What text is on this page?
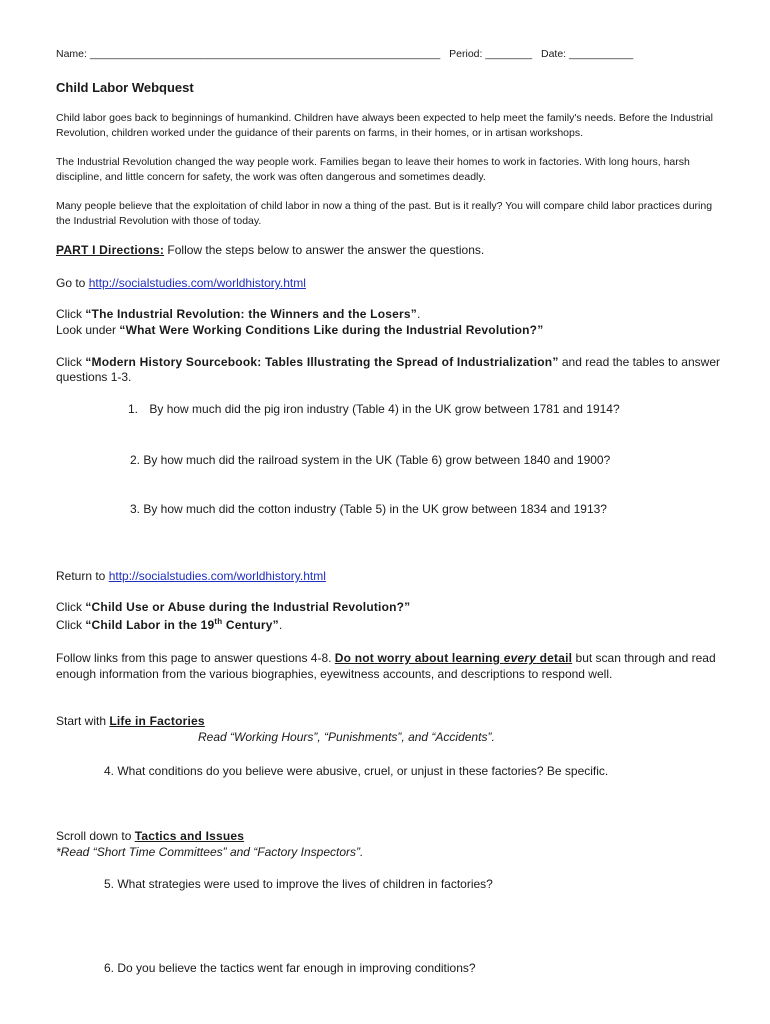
Name: ____________________________________________________________ Period: ________ Date: ___________
Child Labor Webquest
Child labor goes back to beginnings of humankind. Children have always been expected to help meet the family's needs. Before the Industrial Revolution, children worked under the guidance of their parents on farms, in their homes, or in artisan workshops.
The Industrial Revolution changed the way people work. Families began to leave their homes to work in factories. With long hours, harsh discipline, and little concern for safety, the work was often dangerous and sometimes deadly.
Many people believe that the exploitation of child labor in now a thing of the past. But is it really? You will compare child labor practices during the Industrial Revolution with those of today.
PART I Directions: Follow the steps below to answer the answer the questions.
Go to http://socialstudies.com/worldhistory.html
Click “The Industrial Revolution: the Winners and the Losers”.
Look under “What Were Working Conditions Like during the Industrial Revolution?”
Click “Modern History Sourcebook: Tables Illustrating the Spread of Industrialization” and read the tables to answer questions 1-3.
1. By how much did the pig iron industry (Table 4) in the UK grow between 1781 and 1914?
2. By how much did the railroad system in the UK (Table 6) grow between 1840 and 1900?
3. By how much did the cotton industry (Table 5) in the UK grow between 1834 and 1913?
Return to http://socialstudies.com/worldhistory.html
Click “Child Use or Abuse during the Industrial Revolution?”
Click “Child Labor in the 19th Century”.
Follow links from this page to answer questions 4-8. Do not worry about learning every detail but scan through and read enough information from the various biographies, eyewitness accounts, and descriptions to respond well.
Start with Life in Factories
Read “Working Hours”, “Punishments”, and “Accidents”.
4. What conditions do you believe were abusive, cruel, or unjust in these factories? Be specific.
Scroll down to Tactics and Issues
*Read “Short Time Committees” and “Factory Inspectors”.
5. What strategies were used to improve the lives of children in factories?
6. Do you believe the tactics went far enough in improving conditions?
